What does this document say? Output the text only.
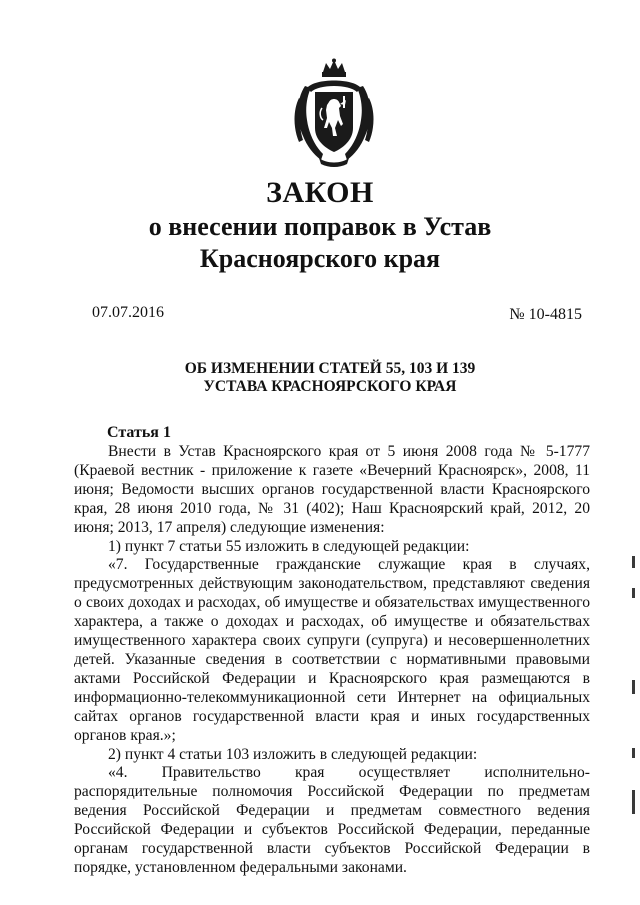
ЗАКОН
о внесении поправок в Устав
Красноярского края
07.07.2016	№ 10-4815
ОБ ИЗМЕНЕНИИ СТАТЕЙ 55, 103 И 139
УСТАВА КРАСНОЯРСКОГО КРАЯ
Статья 1

Внести в Устав Красноярского края от 5 июня 2008 года № 5-1777 (Краевой вестник - приложение к газете «Вечерний Красноярск», 2008, 11 июня; Ведомости высших органов государственной власти Красноярского края, 28 июня 2010 года, № 31 (402); Наш Красноярский край, 2012, 20 июня; 2013, 17 апреля) следующие изменения:

1) пункт 7 статьи 55 изложить в следующей редакции:

«7. Государственные гражданские служащие края в случаях, предусмотренных действующим законодательством, представляют сведения о своих доходах и расходах, об имуществе и обязательствах имущественного характера, а также о доходах и расходах, об имуществе и обязательствах имущественного характера своих супруги (супруга) и несовершеннолетних детей. Указанные сведения в соответствии с нормативными правовыми актами Российской Федерации и Красноярского края размещаются в информационно-телекоммуникационной сети Интернет на официальных сайтах органов государственной власти края и иных государственных органов края.»;

2) пункт 4 статьи 103 изложить в следующей редакции:

«4. Правительство края осуществляет исполнительно-распорядительные полномочия Российской Федерации по предметам ведения Российской Федерации и предметам совместного ведения Российской Федерации и субъектов Российской Федерации, переданные органам государственной власти субъектов Российской Федерации в порядке, установленном федеральными законами.
